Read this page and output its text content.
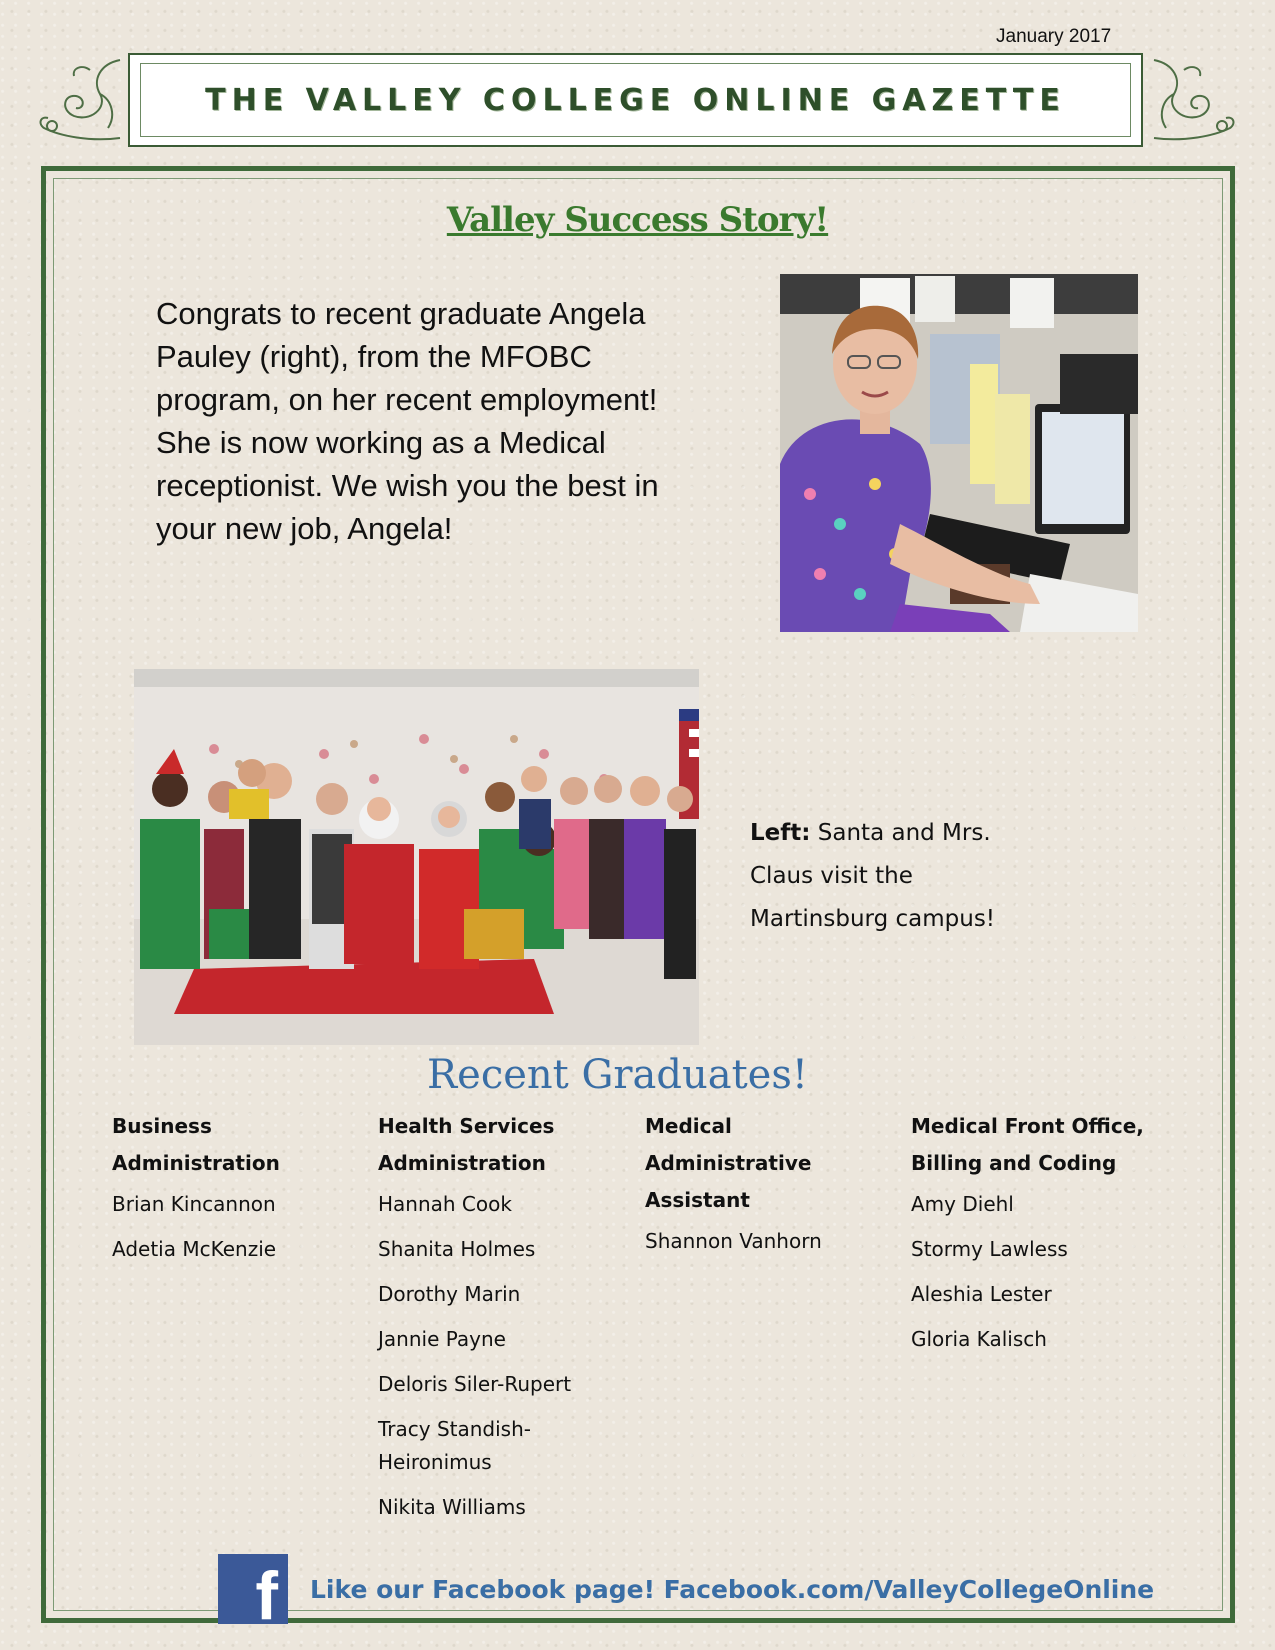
January 2017
THE VALLEY COLLEGE ONLINE GAZETTE
Valley Success Story!
Congrats to recent graduate Angela Pauley (right), from the MFOBC program, on her recent employment! She is now working as a Medical receptionist. We wish you the best in your new job, Angela!
Left: Santa and Mrs. Claus visit the Martinsburg campus!
Recent Graduates!
Business Administration
Brian Kincannon
Adetia McKenzie
Health Services Administration
Hannah Cook
Shanita Holmes
Dorothy Marin
Jannie Payne
Deloris Siler-Rupert
Tracy Standish-Heironimus
Nikita Williams
Medical Administrative Assistant
Shannon Vanhorn
Medical Front Office, Billing and Coding
Amy Diehl
Stormy Lawless
Aleshia Lester
Gloria Kalisch
f Like our Facebook page! Facebook.com/ValleyCollegeOnline
